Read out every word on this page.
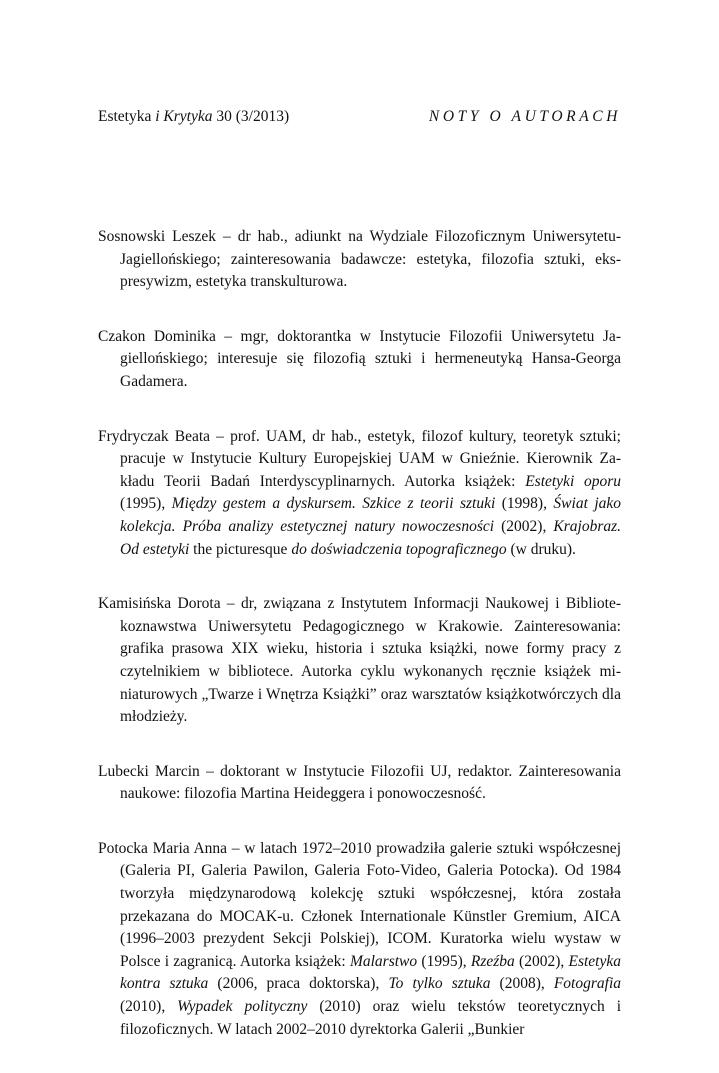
Estetyka i Krytyka 30 (3/2013)	NOTY O AUTORACH

Sosnowski Leszek – dr hab., adiunkt na Wydziale Filozoficznym Uniwersytetu-Jagiellońskiego; zainteresowania badawcze: estetyka, filozofia sztuki, ekspresywizm, estetyka transkulturowa.

Czakon Dominika – mgr, doktorantka w Instytucie Filozofii Uniwersytetu Jagiellońskiego; interesuje się filozofią sztuki i hermeneutyką Hansa-Georga Gadamera.

Frydryczak Beata – prof. UAM, dr hab., estetyk, filozof kultury, teoretyk sztuki; pracuje w Instytucie Kultury Europejskiej UAM w Gnieźnie. Kierownik Zakładu Teorii Badań Interdyscyplinarnych. Autorka książek: Estetyki oporu (1995), Między gestem a dyskursem. Szkice z teorii sztuki (1998), Świat jako kolekcja. Próba analizy estetycznej natury nowoczesności (2002), Krajobraz. Od estetyki the picturesque do doświadczenia topograficznego (w druku).

Kamisińska Dorota – dr, związana z Instytutem Informacji Naukowej i Bibliotekoznawstwa Uniwersytetu Pedagogicznego w Krakowie. Zainteresowania: grafika prasowa XIX wieku, historia i sztuka książki, nowe formy pracy z czytelnikiem w bibliotece. Autorka cyklu wykonanych ręcznie książek miniaturowych „Twarze i Wnętrza Książki” oraz warsztatów książkotwórczych dla młodzieży.

Lubecki Marcin – doktorant w Instytucie Filozofii UJ, redaktor. Zainteresowania naukowe: filozofia Martina Heideggera i ponowoczesność.

Potocka Maria Anna – w latach 1972–2010 prowadziła galerie sztuki współczesnej (Galeria PI, Galeria Pawilon, Galeria Foto-Video, Galeria Potocka). Od 1984 tworzyła międzynarodową kolekcję sztuki współczesnej, która została przekazana do MOCAK-u. Członek Internationale Künstler Gremium, AICA (1996–2003 prezydent Sekcji Polskiej), ICOM. Kuratorka wielu wystaw w Polsce i zagranicą. Autorka książek: Malarstwo (1995), Rzeźba (2002), Estetyka kontra sztuka (2006, praca doktorska), To tylko sztuka (2008), Fotografia (2010), Wypadek polityczny (2010) oraz wielu tekstów teoretycznych i filozoficznych. W latach 2002–2010 dyrektorka Galerii „Bunkier
